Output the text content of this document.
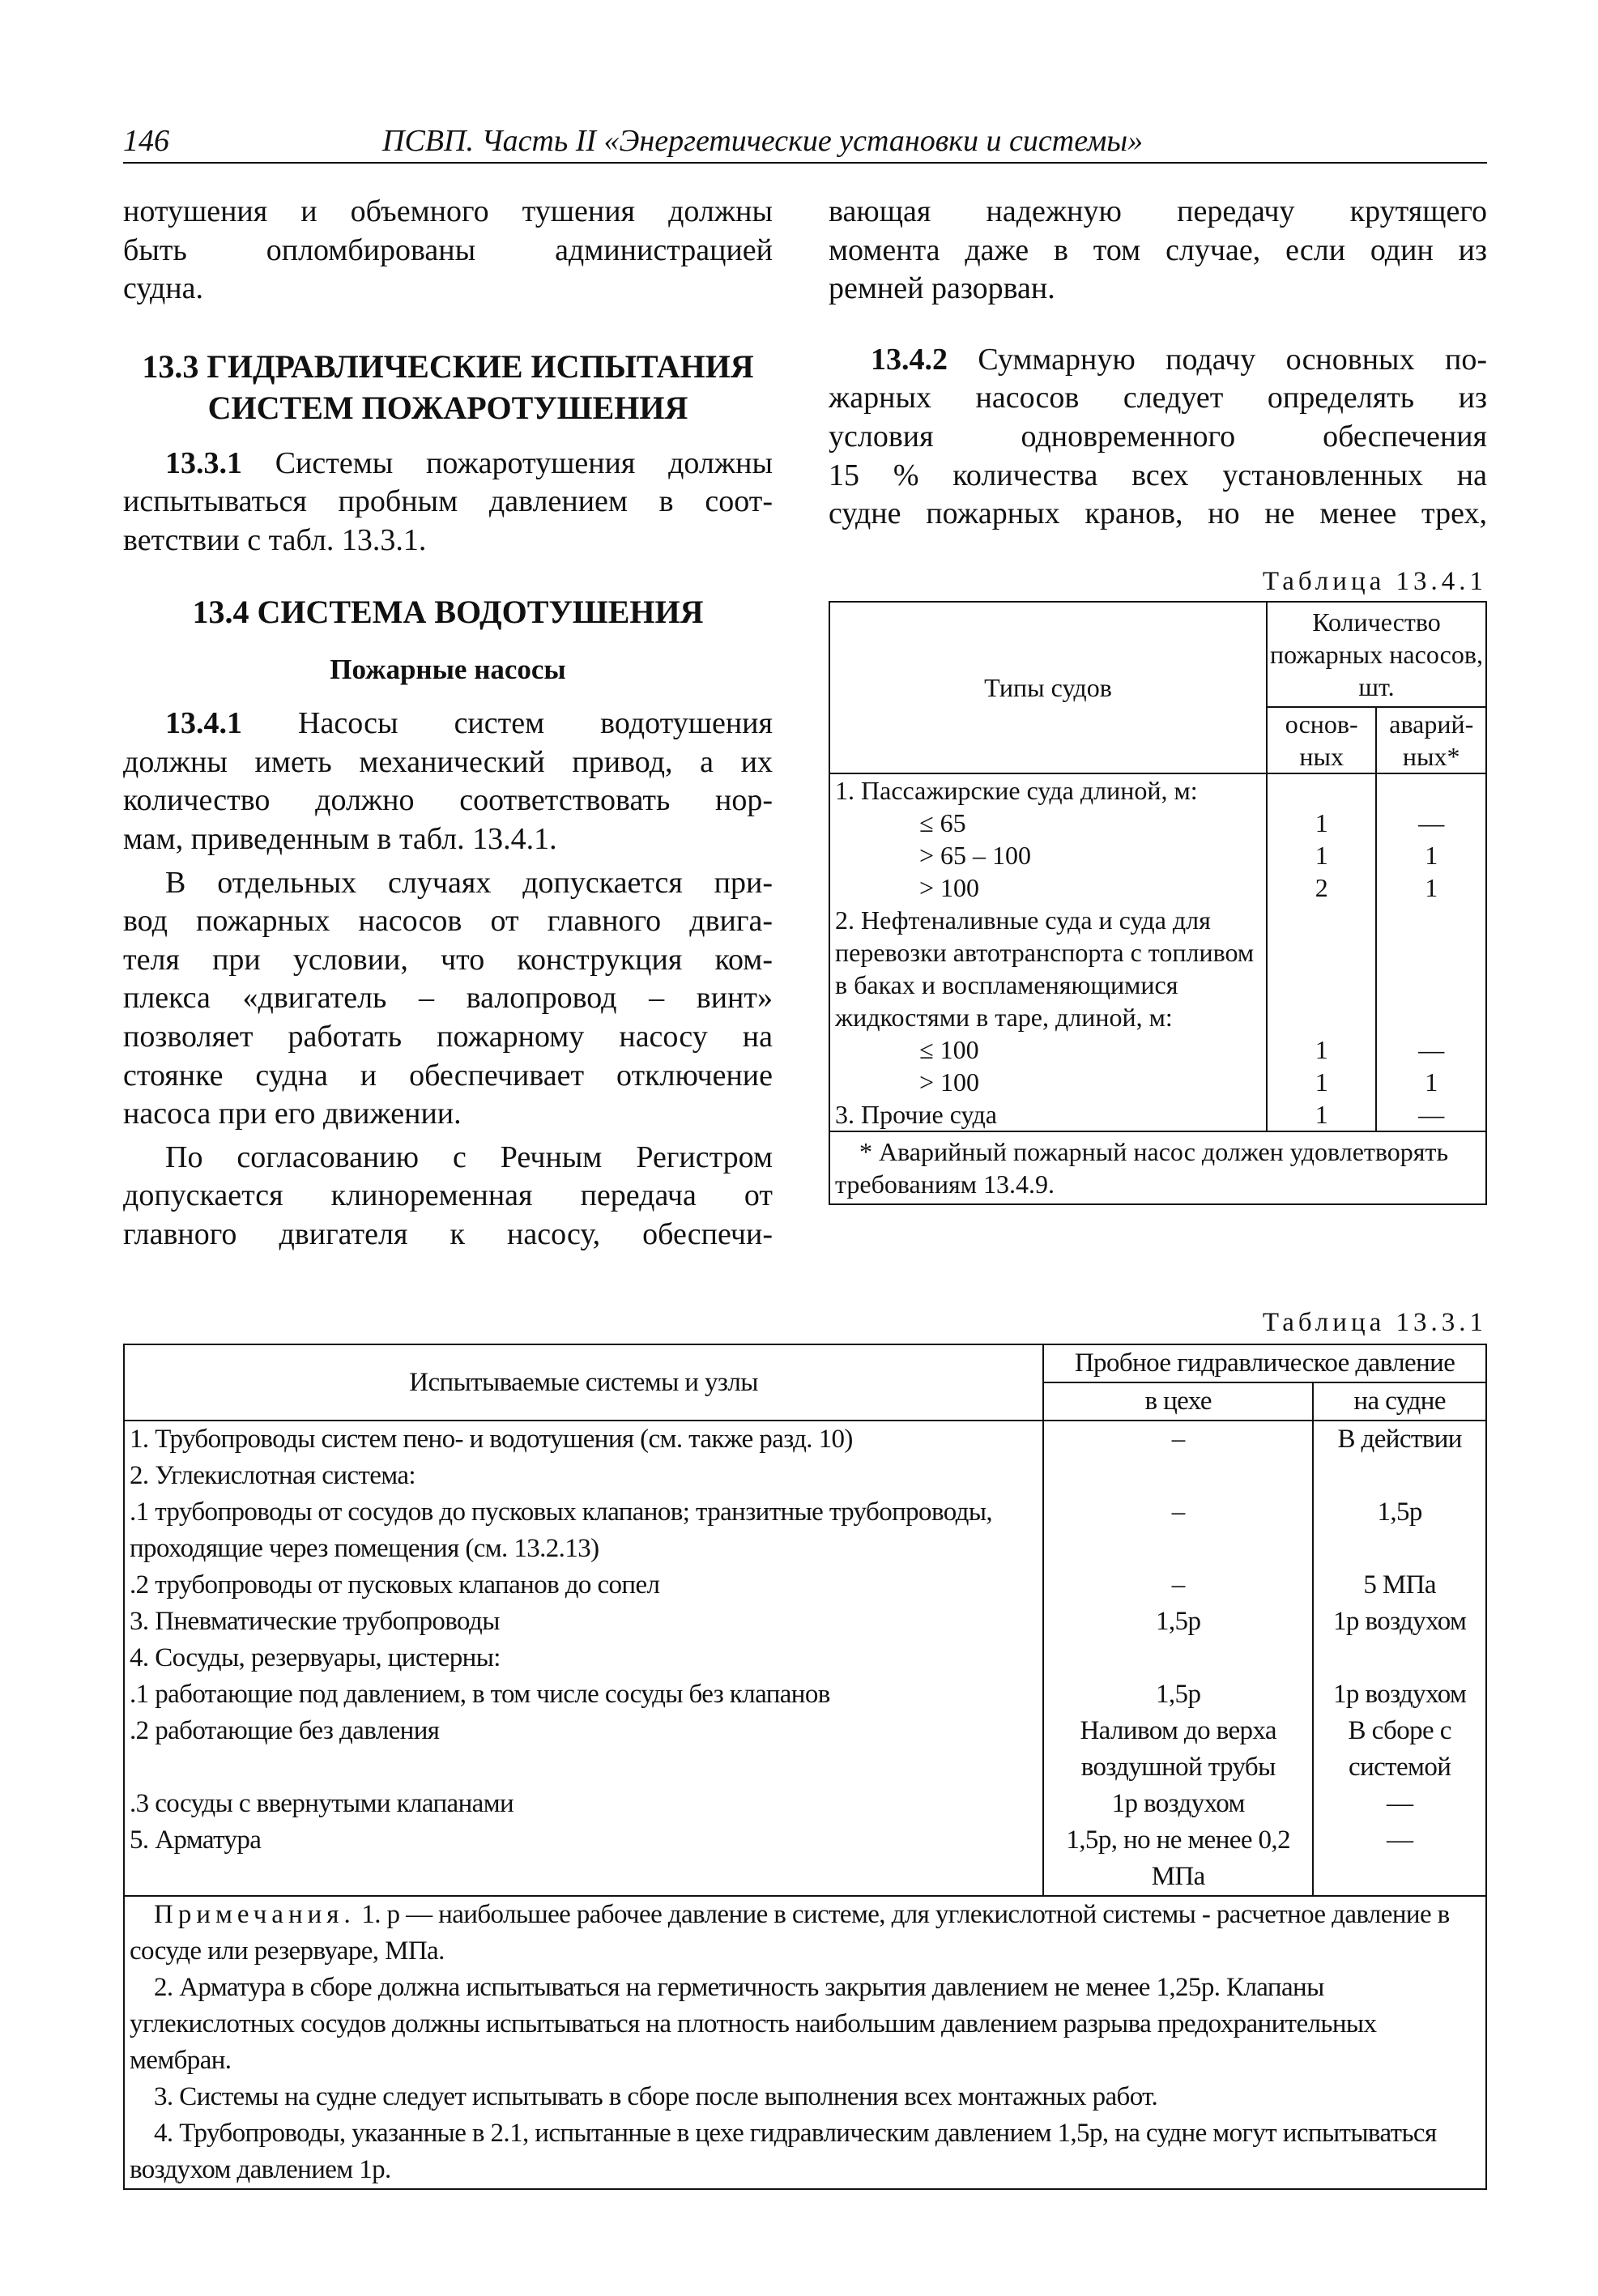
146	ПСВП. Часть II «Энергетические установки и системы»
нотушения и объемного тушения должны
быть опломбированы администрацией
судна.
13.3 ГИДРАВЛИЧЕСКИЕ ИСПЫТАНИЯ
СИСТЕМ ПОЖАРОТУШЕНИЯ
13.3.1 Системы пожаротушения должны
испытываться пробным давлением в соот-
ветствии с табл. 13.3.1.
13.4 СИСТЕМА ВОДОТУШЕНИЯ
Пожарные насосы
13.4.1 Насосы систем водотушения
должны иметь механический привод, а их
количество должно соответствовать нор-
мам, приведенным в табл. 13.4.1.
В отдельных случаях допускается при-
вод пожарных насосов от главного двига-
теля при условии, что конструкция ком-
плекса «двигатель – валопровод – винт»
позволяет работать пожарному насосу на
стоянке судна и обеспечивает отключение
насоса при его движении.
По согласованию с Речным Регистром
допускается клиноременная передача от
главного двигателя к насосу, обеспечи-
вающая надежную передачу крутящего
момента даже в том случае, если один из
ремней разорван.
13.4.2 Суммарную подачу основных по-
жарных насосов следует определять из
условия одновременного обеспечения
15 % количества всех установленных на
судне пожарных кранов, но не менее трех,
Таблица 13.4.1
Типы судов	Количество пожарных насосов, шт.	
	основ-ных	аварий-ных*
1. Пассажирские суда длиной, м:		
≤ 65	1	—
> 65 – 100	1	1
> 100	2	1
2. Нефтеналивные суда и суда для перевозки автотранспорта с топливом в баках и воспламеняющимися жидкостями в таре, длиной, м:		
≤ 100	1	—
> 100	1	1
3. Прочие суда	1	—
* Аварийный пожарный насос должен удовлетворять требованиям 13.4.9.		
Таблица 13.3.1
Испытываемые системы и узлы	Пробное гидравлическое давление	
	в цехе	на судне
1. Трубопроводы систем пено- и водотушения (см. также разд. 10)	–	В действии
2. Углекислотная система:		
.1 трубопроводы от сосудов до пусковых клапанов; транзитные трубопроводы, проходящие через помещения (см. 13.2.13)	–	1,5p
.2 трубопроводы от пусковых клапанов до сопел	–	5 МПа
3. Пневматические трубопроводы	1,5p	1p воздухом
4. Сосуды, резервуары, цистерны:		
.1 работающие под давлением, в том числе сосуды без клапанов	1,5p	1p воздухом
.2 работающие без давления	Наливом до верха воздушной трубы	В сборе с системой
.3 сосуды с ввернутыми клапанами	1p воздухом	—
5. Арматура	1,5p, но не менее 0,2 МПа	—

Примечания. 1. p — наибольшее рабочее давление в системе, для углекислотной системы - расчетное давление в сосуде или резервуаре, МПа.
2. Арматура в сборе должна испытываться на герметичность закрытия давлением не менее 1,25p. Клапаны углекислотных сосудов должны испытываться на плотность наибольшим давлением разрыва предохранительных мембран.
3. Системы на судне следует испытывать в сборе после выполнения всех монтажных работ.
4. Трубопроводы, указанные в 2.1, испытанные в цехе гидравлическим давлением 1,5p, на судне могут испытываться воздухом давлением 1p.		
